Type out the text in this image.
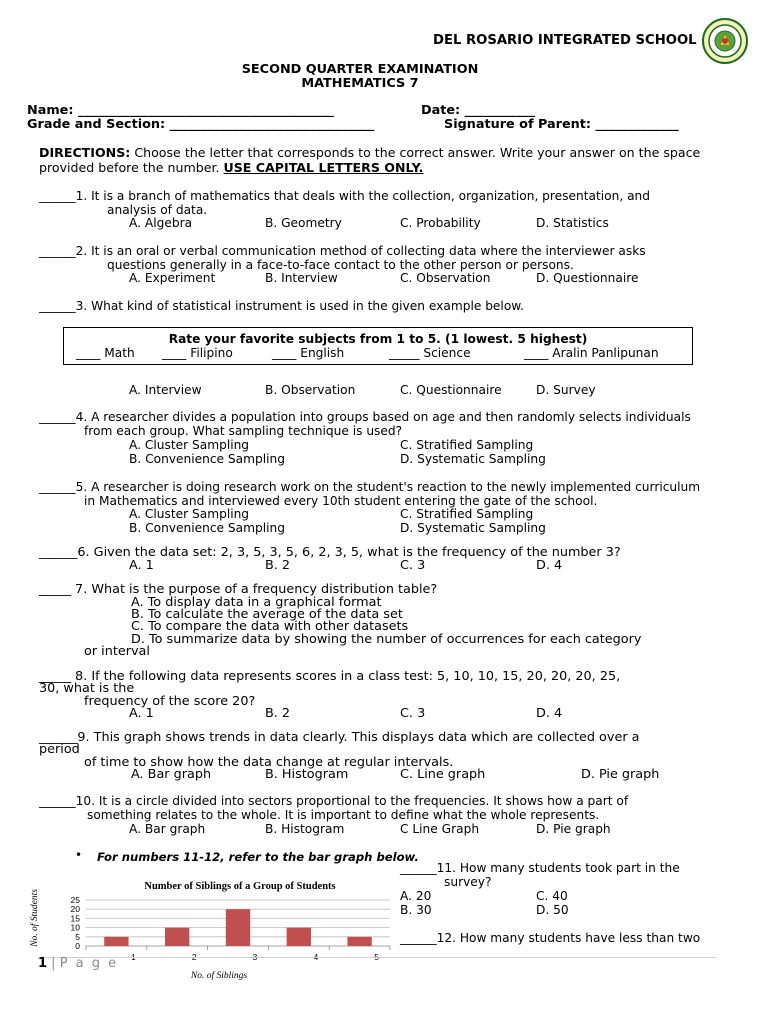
DEL ROSARIO INTEGRATED SCHOOL
SECOND QUARTER EXAMINATION
MATHEMATICS 7
Name: ________________________________________	Date: ___________
Grade and Section: ________________________________	Signature of Parent: _____________
DIRECTIONS: Choose the letter that corresponds to the correct answer. Write your answer on the space provided before the number. USE CAPITAL LETTERS ONLY.
______1. It is a branch of mathematics that deals with the collection, organization, presentation, and
analysis of data.
A. Algebra	B. Geometry	C. Probability	D. Statistics
______2. It is an oral or verbal communication method of collecting data where the interviewer asks
questions generally in a face-to-face contact to the other person or persons.
A. Experiment	B. Interview	C. Observation	D. Questionnaire
______3. What kind of statistical instrument is used in the given example below.
Rate your favorite subjects from 1 to 5. (1 lowest. 5 highest)
____ Math ____ Filipino	____ English	_____ Science	____ Aralin Panlipunan
A. Interview	B. Observation	C. Questionnaire	D. Survey
______4. A researcher divides a population into groups based on age and then randomly selects individuals
from each group. What sampling technique is used?
A. Cluster Sampling	C. Stratified Sampling
B. Convenience Sampling	D. Systematic Sampling
______5. A researcher is doing research work on the student's reaction to the newly implemented curriculum
in Mathematics and interviewed every 10th student entering the gate of the school.
A. Cluster Sampling	C. Stratified Sampling
B. Convenience Sampling	D. Systematic Sampling
______6. Given the data set: 2, 3, 5, 3, 5, 6, 2, 3, 5, what is the frequency of the number 3?
A. 1	B. 2	C. 3	D. 4
_____ 7. What is the purpose of a frequency distribution table?
A. To display data in a graphical format
B. To calculate the average of the data set
C. To compare the data with other datasets
D. To summarize data by showing the number of occurrences for each category
or interval
_____ 8. If the following data represents scores in a class test: 5, 10, 10, 15, 20, 20, 20, 25,
30, what is the
frequency of the score 20?
A. 1	B. 2	C. 3	D. 4
______9. This graph shows trends in data clearly. This displays data which are collected over a
period
of time to show how the data change at regular intervals.
A. Bar graph	B. Histogram	C. Line graph	D. Pie graph
______10. It is a circle divided into sectors proportional to the frequencies. It shows how a part of
something relates to the whole. It is important to define what the whole represents.
A. Bar graph	B. Histogram	C Line Graph	D. Pie graph
• For numbers 11-12, refer to the bar graph below.
Number of Siblings of a Group of Students
No. of Students
No. of Siblings
0
5
10
15
20
25
1	2	3	4	5
______11. How many students took part in the
survey?
A. 20	C. 40
B. 30	D. 50
______12. How many students have less than two
1 | P a g e
